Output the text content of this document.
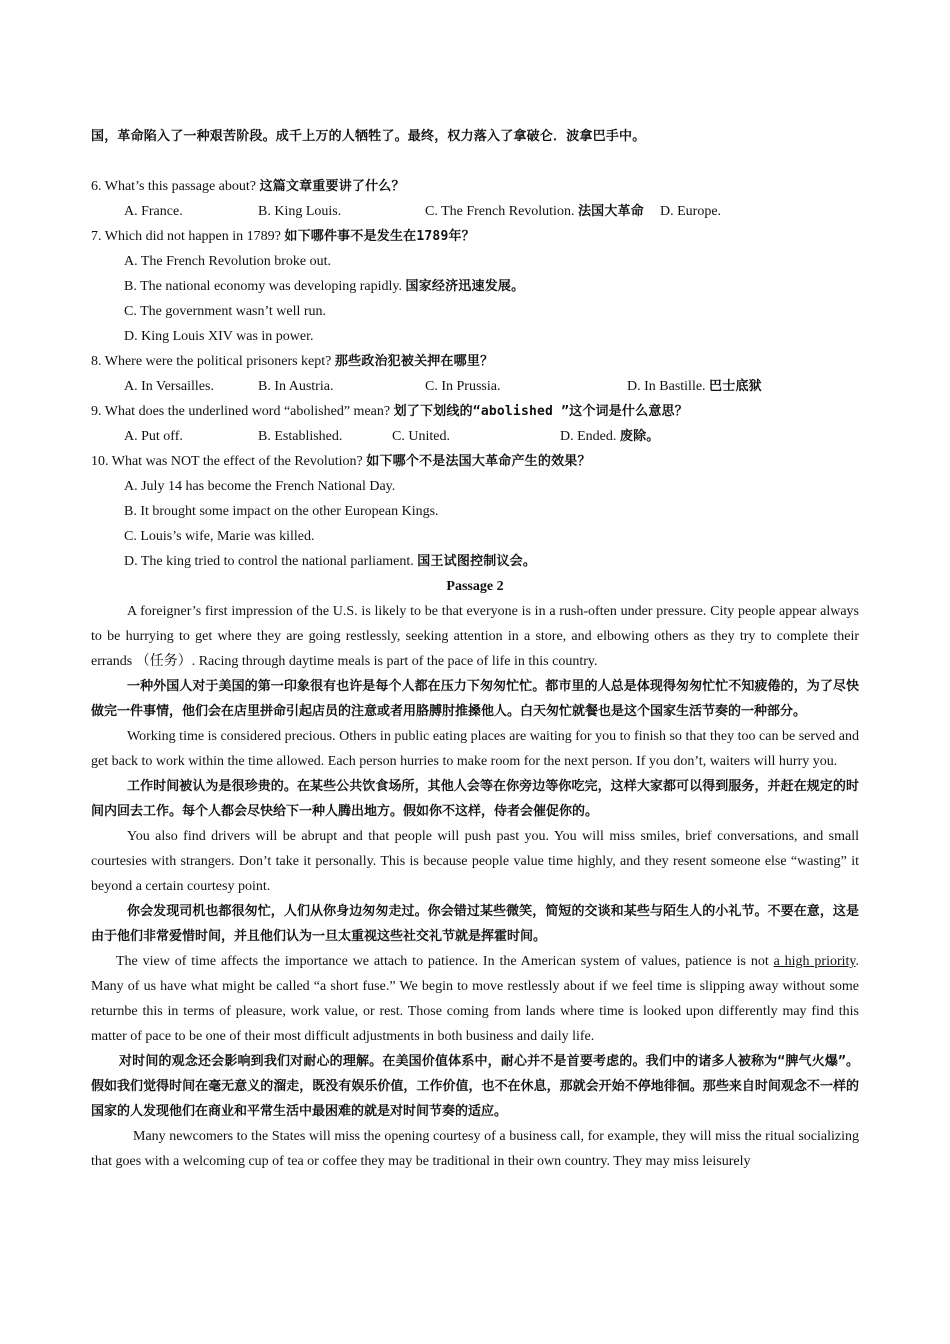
国，革命陷入了一种艰苦阶段。成千上万的人牺牲了。最终，权力落入了拿破仑．波拿巴手中。
6. What’s this passage about? 这篇文章重要讲了什么？
A. France.	B. King Louis.	C. The French Revolution. 法国大革命 D. Europe.
7. Which did not happen in 1789? 如下哪件事不是发生在1789年？
A. The French Revolution broke out.
B. The national economy was developing rapidly. 国家经济迅速发展。
C. The government wasn’t well run.
D. King Louis XIV was in power.
8. Where were the political prisoners kept? 那些政治犯被关押在哪里？
A. In Versailles.	B. In Austria.	C. In Prussia.	D. In Bastille. 巴士底狱
9. What does the underlined word “abolished” mean? 划了下划线的“abolished ”这个词是什么意思？
A. Put off.	B. Established.	C. United.	D. Ended. 废除。
10. What was NOT the effect of the Revolution? 如下哪个不是法国大革命产生的效果？
A. July 14 has become the French National Day.
B. It brought some impact on the other European Kings.
C. Louis’s wife, Marie was killed.
D. The king tried to control the national parliament. 国王试图控制议会。
Passage 2
A foreigner’s first impression of the U.S. is likely to be that everyone is in a rush-often under pressure. City people appear always to be hurrying to get where they are going restlessly, seeking attention in a store, and elbowing others as they try to complete their errands （任务）. Racing through daytime meals is part of the pace of life in this country.
一种外国人对于美国的第一印象很有也许是每个人都在压力下匆匆忙忙。都市里的人总是体现得匆匆忙忙不知疲倦的，为了尽快做完一件事情，他们会在店里拼命引起店员的注意或者用胳膊肘推搡他人。白天匆忙就餐也是这个国家生活节奏的一种部分。
Working time is considered precious. Others in public eating places are waiting for you to finish so that they too can be served and get back to work within the time allowed. Each person hurries to make room for the next person. If you don’t, waiters will hurry you.
工作时间被认为是很珍贵的。在某些公共饮食场所，其他人会等在你旁边等你吃完，这样大家都可以得到服务，并赶在规定的时间内回去工作。每个人都会尽快给下一种人腾出地方。假如你不这样，侍者会催促你的。
You also find drivers will be abrupt and that people will push past you. You will miss smiles, brief conversations, and small courtesies with strangers. Don’t take it personally. This is because people value time highly, and they resent someone else “wasting” it beyond a certain courtesy point.
你会发现司机也都很匆忙，人们从你身边匆匆走过。你会错过某些微笑，简短的交谈和某些与陌生人的小礼节。不要在意，这是由于他们非常爱惜时间，并且他们认为一旦太重视这些社交礼节就是挥霍时间。
The view of time affects the importance we attach to patience. In the American system of values, patience is not a high priority. Many of us have what might be called “a short fuse.” We begin to move restlessly about if we feel time is slipping away without some returnbe this in terms of pleasure, work value, or rest. Those coming from lands where time is looked upon differently may find this matter of pace to be one of their most difficult adjustments in both business and daily life.
对时间的观念还会影响到我们对耐心的理解。在美国价值体系中，耐心并不是首要考虑的。我们中的诸多人被称为“脾气火爆”。假如我们觉得时间在毫无意义的溜走，既没有娱乐价值，工作价值，也不在休息，那就会开始不停地徘徊。那些来自时间观念不一样的国家的人发现他们在商业和平常生活中最困难的就是对时间节奏的适应。
Many newcomers to the States will miss the opening courtesy of a business call, for example, they will miss the ritual socializing that goes with a welcoming cup of tea or coffee they may be traditional in their own country. They may miss leisurely
